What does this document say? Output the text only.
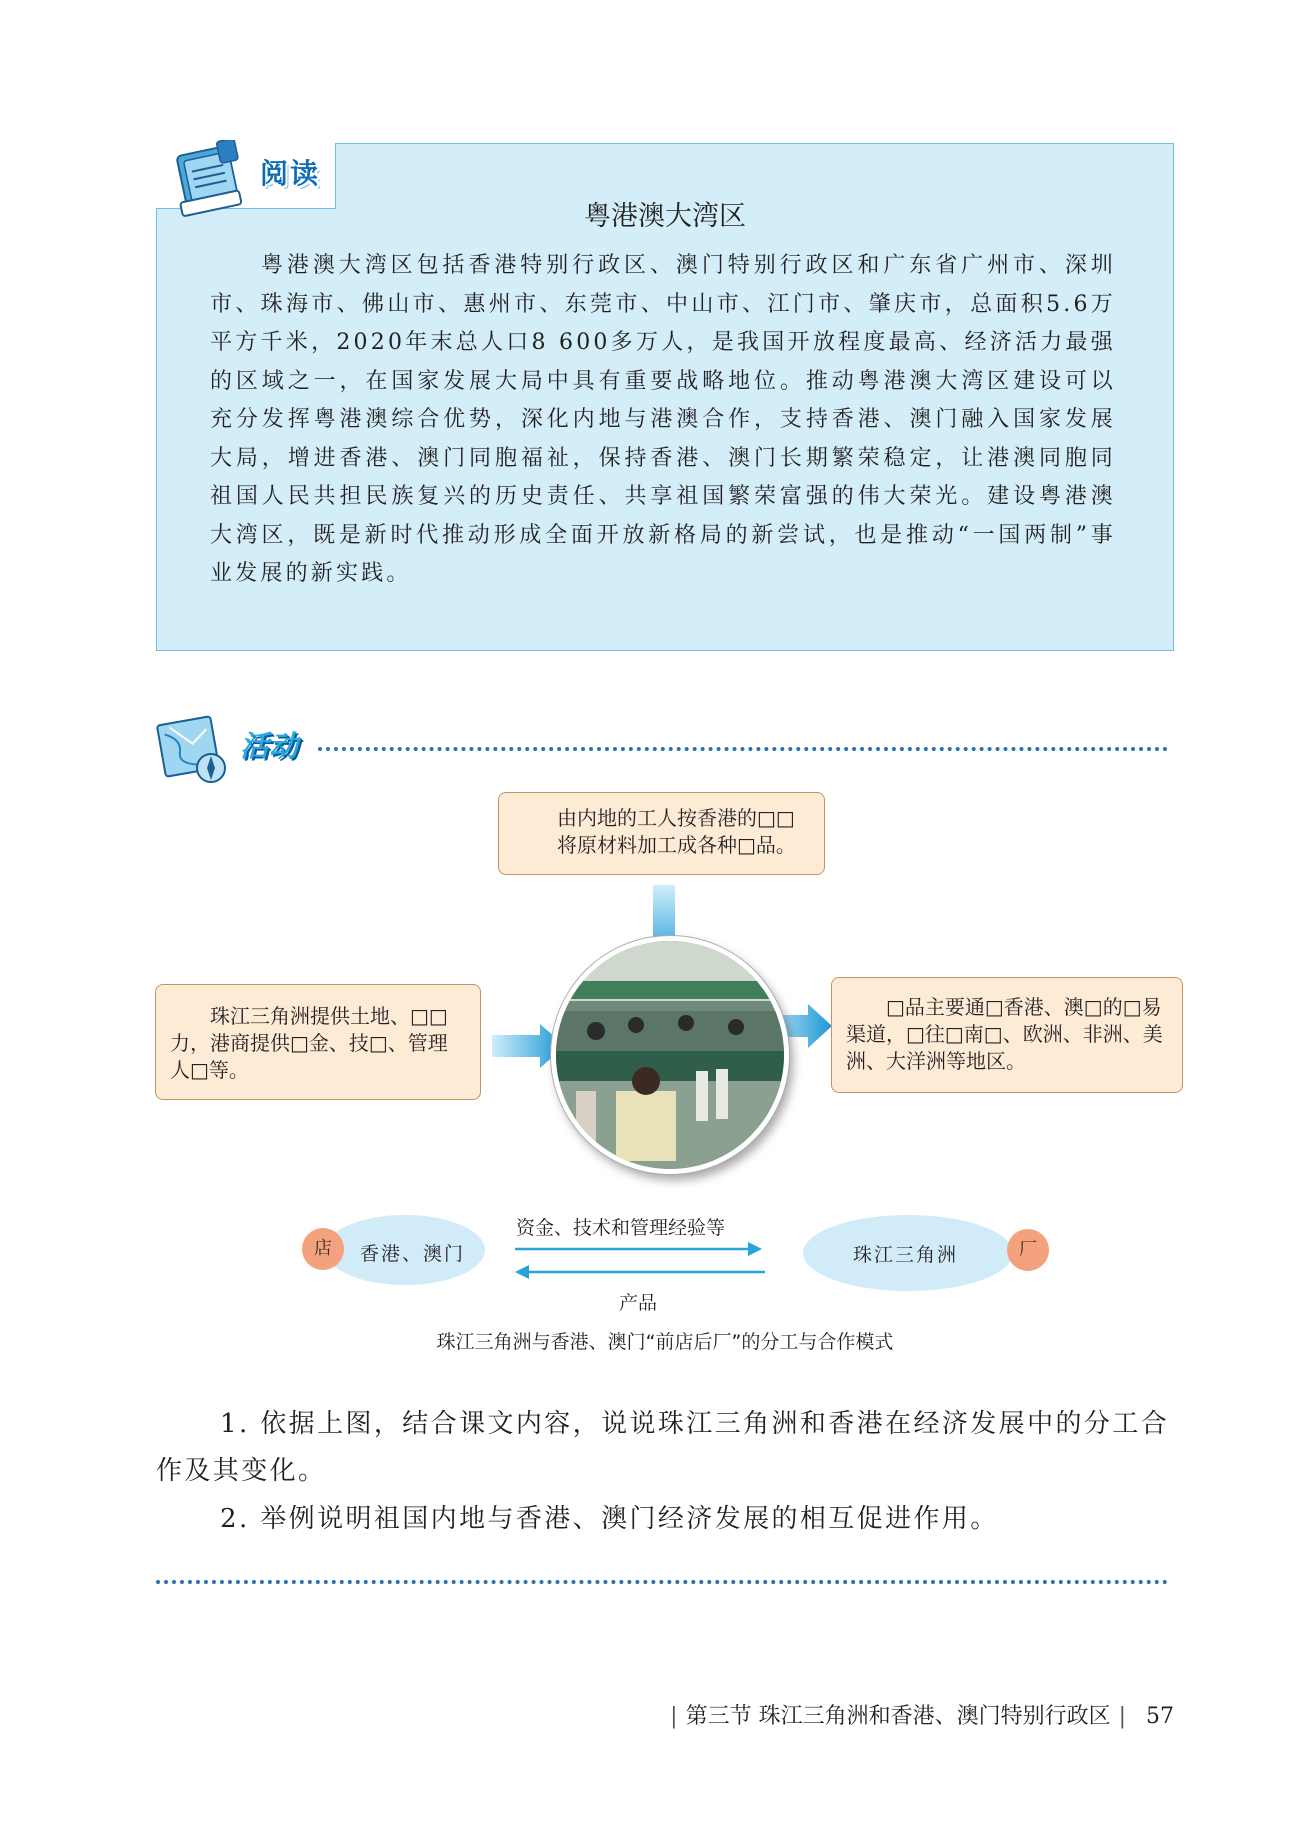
阅读
粤港澳大湾区
粤港澳大湾区包括香港特别行政区、澳门特别行政区和广东省广州市、深圳市、珠海市、佛山市、惠州市、东莞市、中山市、江门市、肇庆市，总面积5.6万平方千米，2020年末总人口8 600多万人，是我国开放程度最高、经济活力最强的区域之一，在国家发展大局中具有重要战略地位。推动粤港澳大湾区建设可以充分发挥粤港澳综合优势，深化内地与港澳合作，支持香港、澳门融入国家发展大局，增进香港、澳门同胞福祉，保持香港、澳门长期繁荣稳定，让港澳同胞同祖国人民共担民族复兴的历史责任、共享祖国繁荣富强的伟大荣光。建设粤港澳大湾区，既是新时代推动形成全面开放新格局的新尝试，也是推动“一国两制”事业发展的新实践。
活动
由内地的工人按香港的□□将原材料加工成各种□品。
珠江三角洲提供土地、□□力，港商提供□金、技□、管理人□等。
□品主要通□香港、澳□的□易渠道，□往□南□、欧洲、非洲、美洲、大洋洲等地区。
店	香港、澳门	珠江三角洲	厂
资金、技术和管理经验等
产品
珠江三角洲与香港、澳门“前店后厂”的分工与合作模式
1. 依据上图，结合课文内容，说说珠江三角洲和香港在经济发展中的分工合作及其变化。
2. 举例说明祖国内地与香港、澳门经济发展的相互促进作用。
| 第三节 珠江三角洲和香港、澳门特别行政区 | 57
